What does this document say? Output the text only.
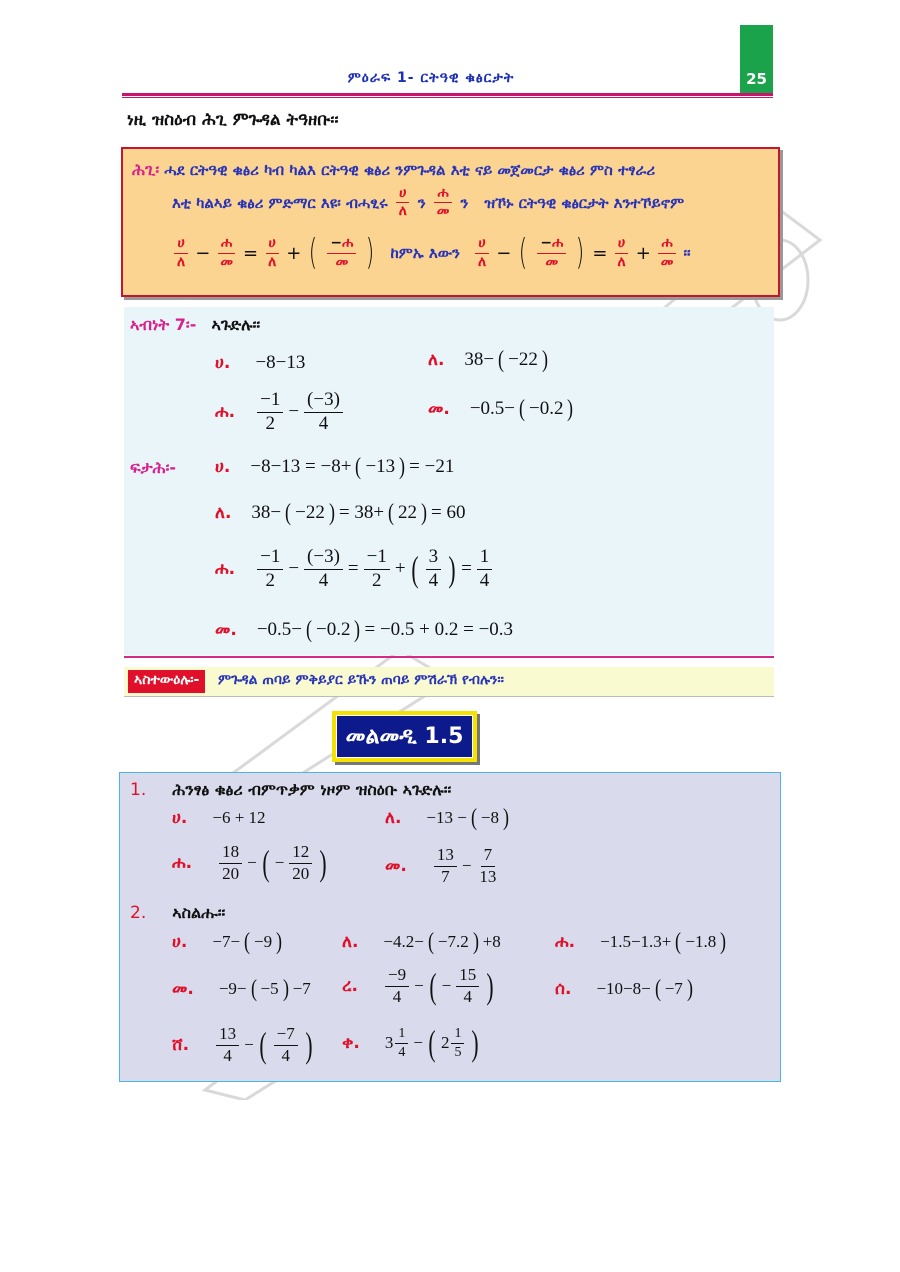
25
ምዕራፍ 1- ርትዓዊ ቁፅርታት
ነዚ ዝስዕብ ሕጊ ምጉዳል ትዓዘቡ፡፡
ሕጊ፡ ሓደ ርትዓዊ ቁፅሪ ካብ ካልእ ርትዓዊ ቁፅሪ ንምጉዳል እቲ ናይ መጀመርታ ቁፅሪ ምስ ተፃራሪ
እቲ ካልኣይ ቁፅሪ ምድማር እዩ፡ ብሓፂሩ $\frac{\text{ሀ}}{\text{ለ}}$ ን $\frac{\text{ሐ}}{\text{መ}}$ ን ዝኾኑ ርትዓዊ ቁፅርታት እንተኾይኖም
$\frac{\text{ሀ}}{\text{ለ}} - \frac{\text{ሐ}}{\text{መ}} = \frac{\text{ሀ}}{\text{ለ}}$ + ( $\frac{\text{−ሐ}}{\text{መ}}$ ) ከምኡ እውን $\frac{\text{ሀ}}{\text{ለ}}$ − ( $\frac{\text{−ሐ}}{\text{መ}}$ ) = $\frac{\text{ሀ}}{\text{ለ}} + \frac{\text{ሐ}}{\text{መ}}$ ፡፡
ኣብነት 7፡- ኣጉድሉ፡፡
ሀ. −8−13	ለ. 38− ( −22 )
ሐ. $\frac{-1}{2} - \frac{(-3)}{4}$	መ. −0.5− ( −0.2 )
ፍታሕ፡- ሀ. −8−13 = −8+ ( −13 ) = −21
ለ. 38− ( −22 ) = 38+ ( 22 ) = 60
ሐ. $\frac{-1}{2} - \frac{(-3)}{4} = \frac{-1}{2}$ + ( $\frac{3}{4}$ ) = $\frac{1}{4}$
መ. −0.5− ( −0.2 ) = −0.5 + 0.2 = −0.3
ኣስተውዕሉ፡-	ምጉዳል ጠባይ ምቅይያር ይኹን ጠባይ ምሽራኽ የብሉን፡፡
መልመዲ 1.5
1. ሕንፃፅ ቁፅሪ ብምጥቃም ነዞም ዝስዕቡ ኣጉድሉ፡፡
ሀ. −6 + 12	ለ. −13 − ( −8 )
ሐ. $\frac{18}{20}$ − ( − $\frac{12}{20}$ )	መ. $\frac{13}{7} - \frac{7}{13}$
2. ኣስልሑ፡፡
ሀ. −7− ( −9 )	ለ. −4.2− ( −7.2 ) +8	ሐ. −1.5−1.3+ ( −1.8 )
መ. −9− ( −5 ) −7 ረ. $\frac{-9}{4}$ − ( − $\frac{15}{4}$ )	ሰ. −10−8− ( −7 )
ሸ. $\frac{13}{4}$ − ( $\frac{-7}{4}$ ) ቀ. $3 \frac{1}{4}$ − ( $2 \frac{1}{5}$ )
